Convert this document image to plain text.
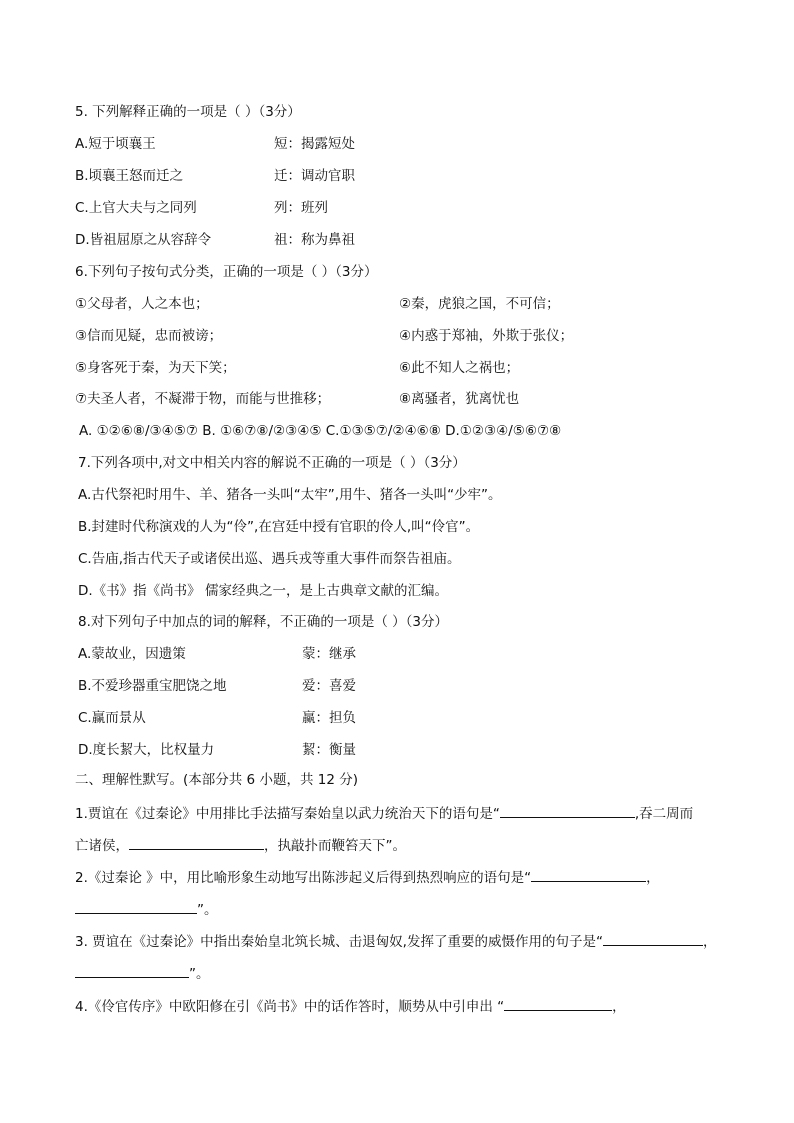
5. 下列解释正确的一项是（ ）（3分）
A.短于顷襄王	短：揭露短处
B.顷襄王怒而迁之	迁：调动官职
C.上官大夫与之同列	列：班列
D.皆祖屈原之从容辞令	祖：称为鼻祖
6.下列句子按句式分类，正确的一项是（ ）（3分）
①父母者，人之本也；	②秦，虎狼之国，不可信；
③信而见疑，忠而被谤；	④内惑于郑袖，外欺于张仪；
⑤身客死于秦，为天下笑；	⑥此不知人之祸也；
⑦夫圣人者，不凝滞于物，而能与世推移；	⑧离骚者，犹离忧也
A. ①②⑥⑧/③④⑤⑦ B. ①⑥⑦⑧/②③④⑤ C.①③⑤⑦/②④⑥⑧ D.①②③④/⑤⑥⑦⑧
7.下列各项中,对文中相关内容的解说不正确的一项是（ ）（3分）
A.古代祭祀时用牛、羊、猪各一头叫“太牢”,用牛、猪各一头叫“少牢”。
B.封建时代称演戏的人为“伶”,在宫廷中授有官职的伶人,叫“伶官”。
C.告庙,指古代天子或诸侯出巡、遇兵戎等重大事件而祭告祖庙。
D.《书》指《尚书》 儒家经典之一，是上古典章文献的汇编。
8.对下列句子中加点的词的解释，不正确的一项是（ ）（3分）
A.蒙故业，因遗策	蒙：继承
B.不爱珍器重宝肥饶之地	爱：喜爱
C.赢而景从	赢：担负
D.度长絜大，比权量力	絜：衡量
二、理解性默写。(本部分共 6 小题，共 12 分)
1.贾谊在《过秦论》中用排比手法描写秦始皇以武力统治天下的语句是“	,吞二周而
亡诸侯，	，执敲扑而鞭笞天下”。
2.《过秦论 》中，用比喻形象生动地写出陈涉起义后得到热烈响应的语句是“	，
”。
3. 贾谊在《过秦论》中指出秦始皇北筑长城、击退匈奴,发挥了重要的威慑作用的句子是“	，
”。
4.《伶官传序》中欧阳修在引《尚书》中的话作答时，顺势从中引申出 “	，
